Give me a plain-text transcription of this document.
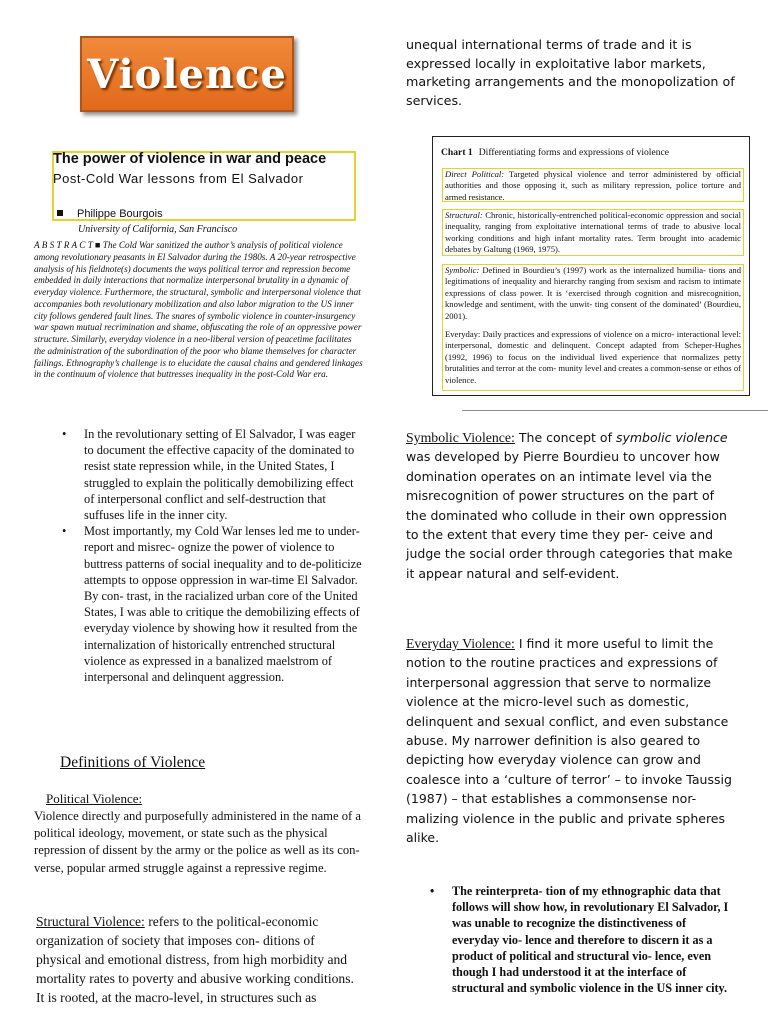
Violence
The power of violence in war and peace
Post-Cold War lessons from El Salvador
Philippe Bourgois
University of California, San Francisco
A B S T R A C T ■ The Cold War sanitized the author’s analysis of political violence among revolutionary peasants in El Salvador during the 1980s. A 20-year retrospective analysis of his fieldnote(s) documents the ways political terror and repression become embedded in daily interactions that normalize interpersonal brutality in a dynamic of everyday violence. Furthermore, the structural, symbolic and interpersonal violence that accompanies both revolutionary mobilization and also labor migration to the US inner city follows gendered fault lines. The snares of symbolic violence in counter-insurgency war spawn mutual recrimination and shame, obfuscating the role of an oppressive power structure. Similarly, everyday violence in a neo-liberal version of peacetime facilitates the administration of the subordination of the poor who blame themselves for character failings. Ethnography’s challenge is to elucidate the causal chains and gendered linkages in the continuum of violence that buttresses inequality in the post-Cold War era.
• In the revolutionary setting of El Salvador, I was eager to document the effective capacity of the dominated to resist state repression while, in the United States, I struggled to explain the politically demobilizing effect of interpersonal conflict and self-destruction that suffuses life in the inner city.
• Most importantly, my Cold War lenses led me to under-report and misrec- ognize the power of violence to buttress patterns of social inequality and to de-politicize attempts to oppose oppression in war-time El Salvador. By con- trast, in the racialized urban core of the United States, I was able to critique the demobilizing effects of everyday violence by showing how it resulted from the internalization of historically entrenched structural violence as expressed in a banalized maelstrom of interpersonal and delinquent aggression.
Definitions of Violence
Political Violence:
Violence directly and purposefully administered in the name of a political ideology, movement, or state such as the physical repression of dissent by the army or the police as well as its con- verse, popular armed struggle against a repressive regime.
Structural Violence: refers to the political-economic organization of society that imposes con- ditions of physical and emotional distress, from high morbidity and mortality rates to poverty and abusive working conditions. It is rooted, at the macro-level, in structures such as
unequal international terms of trade and it is expressed locally in exploitative labor markets, marketing arrangements and the monopolization of services.
Chart 1 Differentiating forms and expressions of violence
Direct Political: Targeted physical violence and terror administered by official authorities and those opposing it, such as military repression, police torture and armed resistance.
Structural: Chronic, historically-entrenched political-economic oppression and social inequality, ranging from exploitative international terms of trade to abusive local working conditions and high infant mortality rates. Term brought into academic debates by Galtung (1969, 1975).
Symbolic: Defined in Bourdieu’s (1997) work as the internalized humilia- tions and legitimations of inequality and hierarchy ranging from sexism and racism to intimate expressions of class power. It is ‘exercised through cognition and misrecognition, knowledge and sentiment, with the unwit- ting consent of the dominated’ (Bourdieu, 2001).
Everyday: Daily practices and expressions of violence on a micro- interactional level: interpersonal, domestic and delinquent. Concept adapted from Scheper-Hughes (1992, 1996) to focus on the individual lived experience that normalizes petty brutalities and terror at the com- munity level and creates a common-sense or ethos of violence.
Symbolic Violence: The concept of symbolic violence was developed by Pierre Bourdieu to uncover how domination operates on an intimate level via the misrecognition of power structures on the part of the dominated who collude in their own oppression to the extent that every time they per- ceive and judge the social order through categories that make it appear natural and self-evident.
Everyday Violence: I find it more useful to limit the notion to the routine practices and expressions of interpersonal aggression that serve to normalize violence at the micro-level such as domestic, delinquent and sexual conflict, and even substance abuse. My narrower definition is also geared to depicting how everyday violence can grow and coalesce into a ‘culture of terror’ – to invoke Taussig (1987) – that establishes a commonsense nor- malizing violence in the public and private spheres alike.
• The reinterpreta- tion of my ethnographic data that follows will show how, in revolutionary El Salvador, I was unable to recognize the distinctiveness of everyday vio- lence and therefore to discern it as a product of political and structural vio- lence, even though I had understood it at the interface of structural and symbolic violence in the US inner city.
